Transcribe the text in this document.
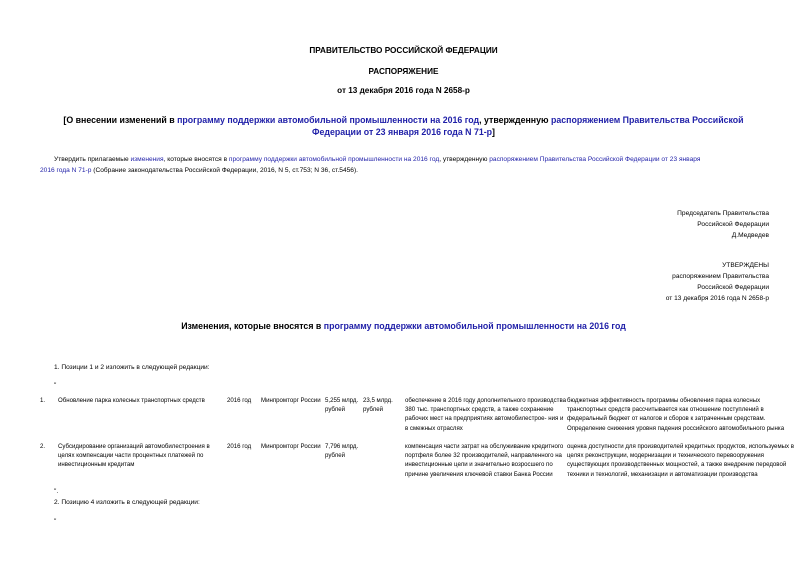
ПРАВИТЕЛЬСТВО РОССИЙСКОЙ ФЕДЕРАЦИИ
РАСПОРЯЖЕНИЕ
от 13 декабря 2016 года N 2658-р
[О внесении изменений в программу поддержки автомобильной промышленности на 2016 год, утвержденную распоряжением Правительства Российской
Федерации от 23 января 2016 года N 71-р]
Утвердить прилагаемые изменения, которые вносятся в программу поддержки автомобильной промышленности на 2016 год, утвержденную распоряжением Правительства Российской Федерации от 23 января
2016 года N 71-р (Собрание законодательства Российской Федерации, 2016, N 5, ст.753; N 36, ст.5456).
Председатель Правительства
Российской Федерации
Д.Медведев
УТВЕРЖДЕНЫ
распоряжением Правительства
Российской Федерации
от 13 декабря 2016 года N 2658-р
Изменения, которые вносятся в программу поддержки автомобильной промышленности на 2016 год
1. Позиции 1 и 2 изложить в следующей редакции:
"
1.	Обновление парка колесных транспортных средств	2016 год	Минпромторг России	5,255 млрд. рублей	23,5 млрд. рублей	обеспечение в 2016 году дополнительного производства 380 тыс. транспортных средств, а также сохранение рабочих мест на предприятиях автомобилестрое- ния и в смежных отраслях	бюджетная эффективность программы обновления парка колесных транспортных средств рассчитывается как отношение поступлений в федеральный бюджет от налогов и сборов к затраченным средствам. Определение снижения уровня падения российского автомобильного рынка
2.	Субсидирование организаций автомобилестроения в целях компенсации части процентных платежей по инвестиционным кредитам	2016 год	Минпромторг России	7,796 млрд. рублей		компенсация части затрат на обслуживание кредитного портфеля более 32 производителей, направленного на инвестиционные цели и значительно возросшего по причине увеличения ключевой ставки Банка России	оценка доступности для производителей кредитных продуктов, используемых в целях реконструкции, модернизации и технического перевооружения существующих производственных мощностей, а также внедрение передовой техники и технологий, механизации и автоматизации производства
".
2. Позицию 4 изложить в следующей редакции:
"
